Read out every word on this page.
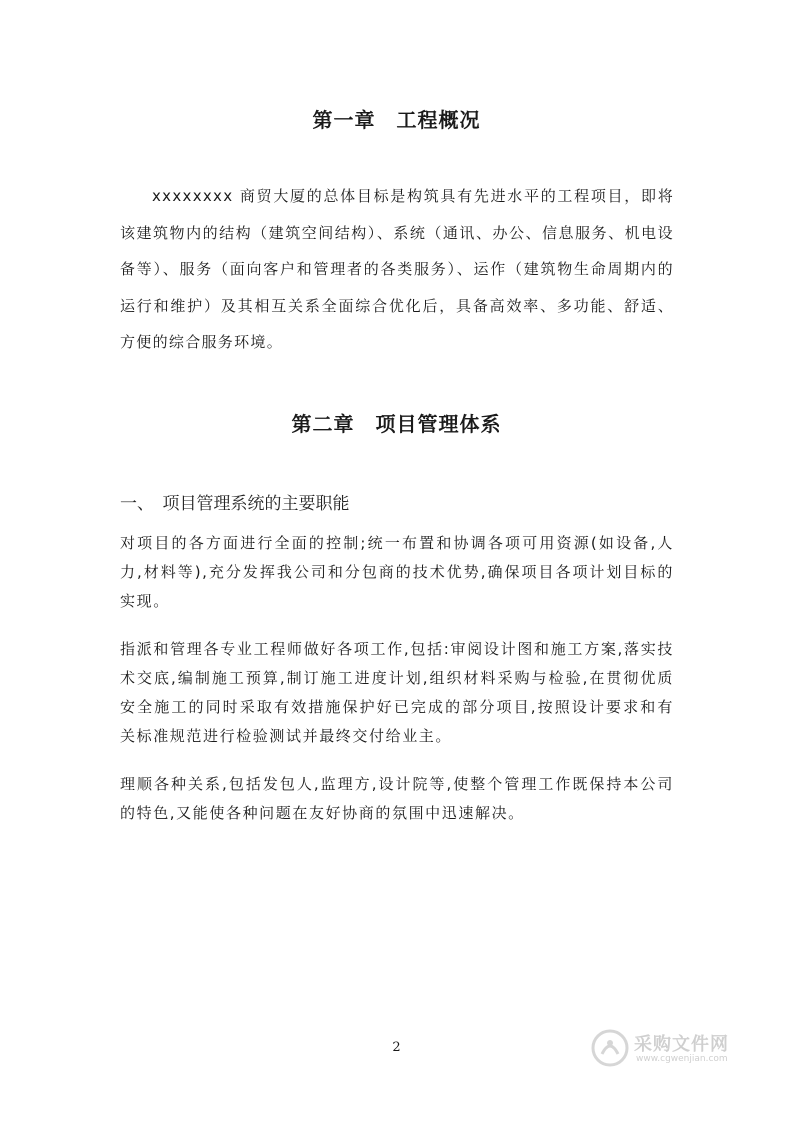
第一章　工程概况
xxxxxxxx 商贸大厦的总体目标是构筑具有先进水平的工程项目，即将该建筑物内的结构（建筑空间结构）、系统（通讯、办公、信息服务、机电设备等）、服务（面向客户和管理者的各类服务）、运作（建筑物生命周期内的运行和维护）及其相互关系全面综合优化后，具备高效率、多功能、舒适、方便的综合服务环境。
第二章　项目管理体系
一、　项目管理系统的主要职能
对项目的各方面进行全面的控制;统一布置和协调各项可用资源(如设备,人力,材料等),充分发挥我公司和分包商的技术优势,确保项目各项计划目标的实现。
指派和管理各专业工程师做好各项工作,包括:审阅设计图和施工方案,落实技术交底,编制施工预算,制订施工进度计划,组织材料采购与检验,在贯彻优质安全施工的同时采取有效措施保护好已完成的部分项目,按照设计要求和有关标准规范进行检验测试并最终交付给业主。
理顺各种关系,包括发包人,监理方,设计院等,使整个管理工作既保持本公司的特色,又能使各种问题在友好协商的氛围中迅速解决。
2	采购文件网
www.cgwenjian.com
